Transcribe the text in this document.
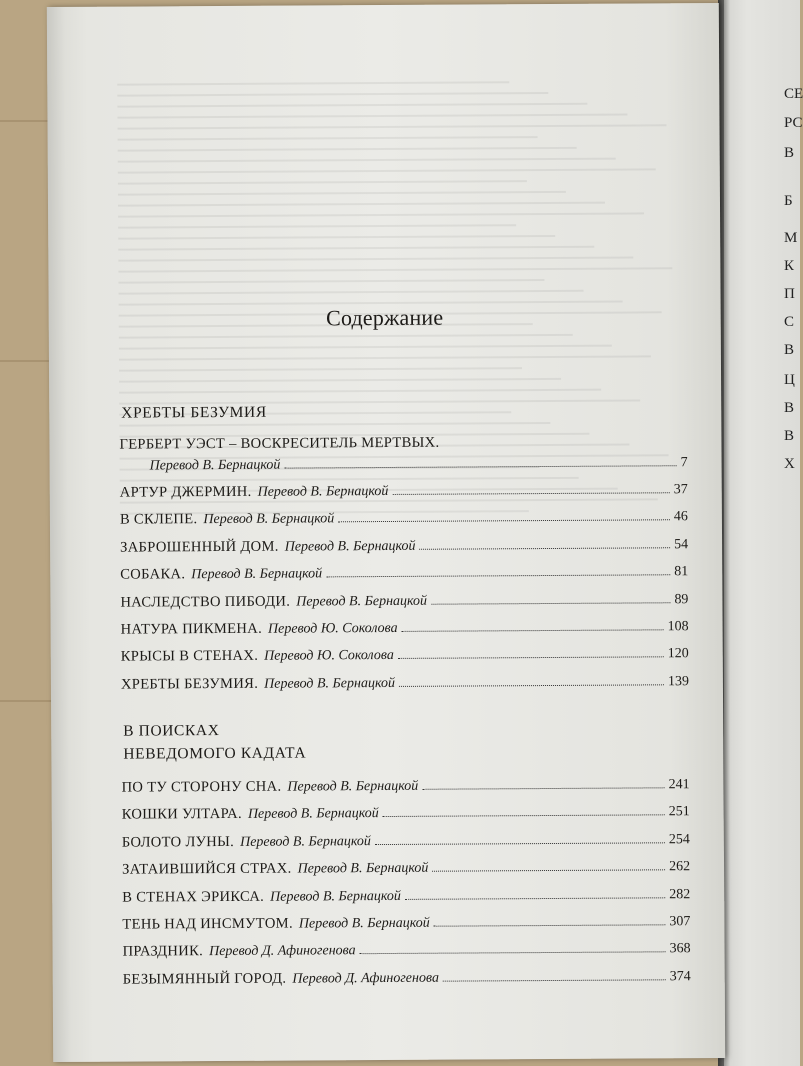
Содержание
ХРЕБТЫ БЕЗУМИЯ
ГЕРБЕРТ УЭСТ – ВОСКРЕСИТЕЛЬ МЕРТВЫХ.
Перевод В. Бернацкой	7
АРТУР ДЖЕРМИН. Перевод В. Бернацкой	37
В СКЛЕПЕ. Перевод В. Бернацкой	46
ЗАБРОШЕННЫЙ ДОМ. Перевод В. Бернацкой	54
СОБАКА. Перевод В. Бернацкой	81
НАСЛЕДСТВО ПИБОДИ. Перевод В. Бернацкой	89
НАТУРА ПИКМЕНА. Перевод Ю. Соколова	108
КРЫСЫ В СТЕНАХ. Перевод Ю. Соколова	120
ХРЕБТЫ БЕЗУМИЯ. Перевод В. Бернацкой	139
В ПОИСКАХ
НЕВЕДОМОГО КАДАТА
ПО ТУ СТОРОНУ СНА. Перевод В. Бернацкой	241
КОШКИ УЛТАРА. Перевод В. Бернацкой	251
БОЛОТО ЛУНЫ. Перевод В. Бернацкой	254
ЗАТАИВШИЙСЯ СТРАХ. Перевод В. Бернацкой	262
В СТЕНАХ ЭРИКСА. Перевод В. Бернацкой	282
ТЕНЬ НАД ИНСМУТОМ. Перевод В. Бернацкой	307
ПРАЗДНИК. Перевод Д. Афиногенова	368
БЕЗЫМЯННЫЙ ГОРОД. Перевод Д. Афиногенова	374
СЕ
РС
В
Б
М
К
П
С
В
Ц
В
В
Х
